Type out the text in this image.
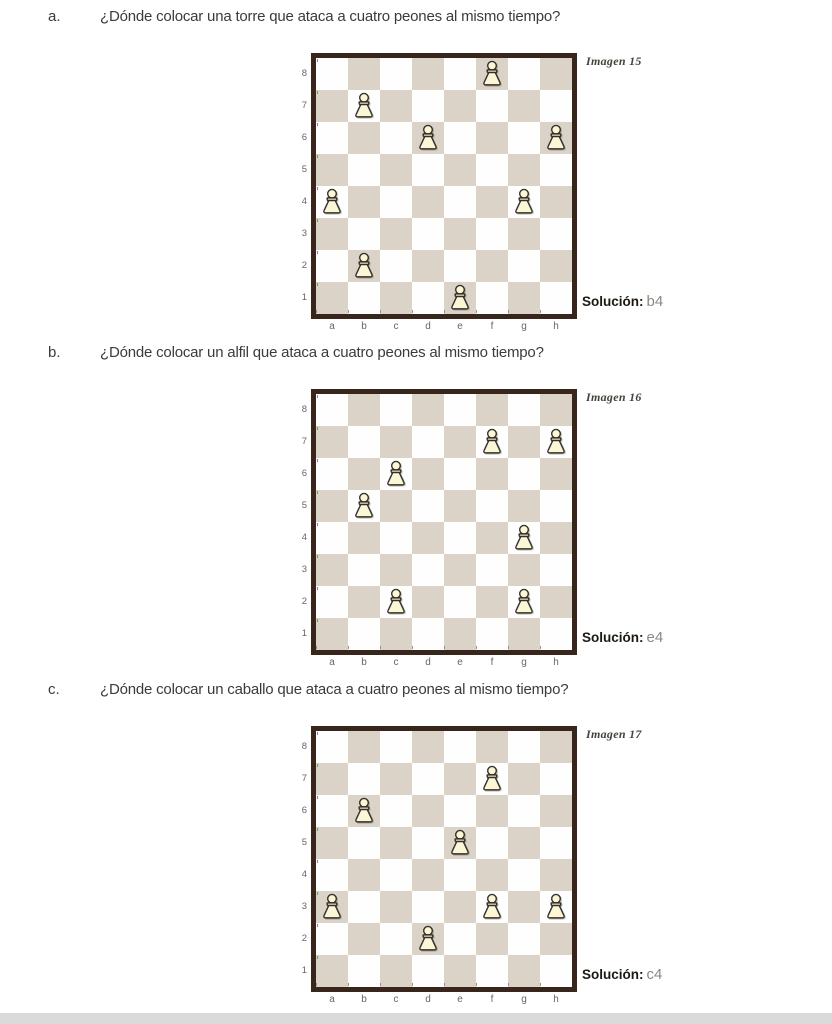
a.	¿Dónde colocar una torre que ataca a cuatro peones al mismo tiempo?
Imagen 15
8
7
6
5
4
3
2
1
a	b	c	d	e	f	g	h
Solución: b4
b.	¿Dónde colocar un alfil que ataca a cuatro peones al mismo tiempo?
Imagen 16
8
7
6
5
4
3
2
1
a	b	c	d	e	f	g	h
Solución: e4
c.	¿Dónde colocar un caballo que ataca a cuatro peones al mismo tiempo?
Imagen 17
8
7
6
5
4
3
2
1
a	b	c	d	e	f	g	h
Solución: c4
